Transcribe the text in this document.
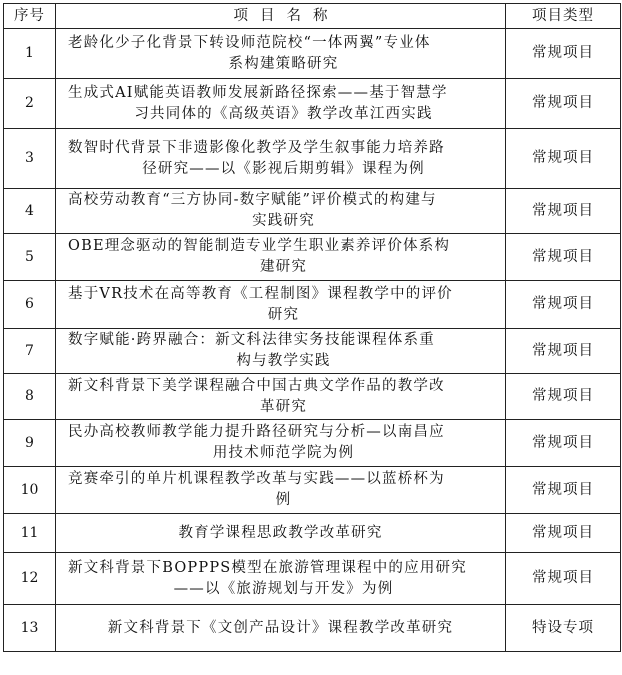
序号	项目名称	项目类型
1	老龄化少子化背景下转设师范院校“一体两翼”专业体
系构建策略研究	常规项目
2	生成式AI赋能英语教师发展新路径探索——基于智慧学
习共同体的《高级英语》教学改革江西实践	常规项目
3	数智时代背景下非遗影像化教学及学生叙事能力培养路
径研究——以《影视后期剪辑》课程为例	常规项目
4	高校劳动教育“三方协同-数字赋能”评价模式的构建与
实践研究	常规项目
5	OBE理念驱动的智能制造专业学生职业素养评价体系构
建研究	常规项目
6	基于VR技术在高等教育《工程制图》课程教学中的评价
研究	常规项目
7	数字赋能·跨界融合：新文科法律实务技能课程体系重
构与教学实践	常规项目
8	新文科背景下美学课程融合中国古典文学作品的教学改
革研究	常规项目
9	民办高校教师教学能力提升路径研究与分析—以南昌应
用技术师范学院为例	常规项目
10	竞赛牵引的单片机课程教学改革与实践——以蓝桥杯为
例	常规项目
11	教育学课程思政教学改革研究	常规项目
12	新文科背景下BOPPPS模型在旅游管理课程中的应用研究
——以《旅游规划与开发》为例	常规项目
13	新文科背景下《文创产品设计》课程教学改革研究	特设专项
